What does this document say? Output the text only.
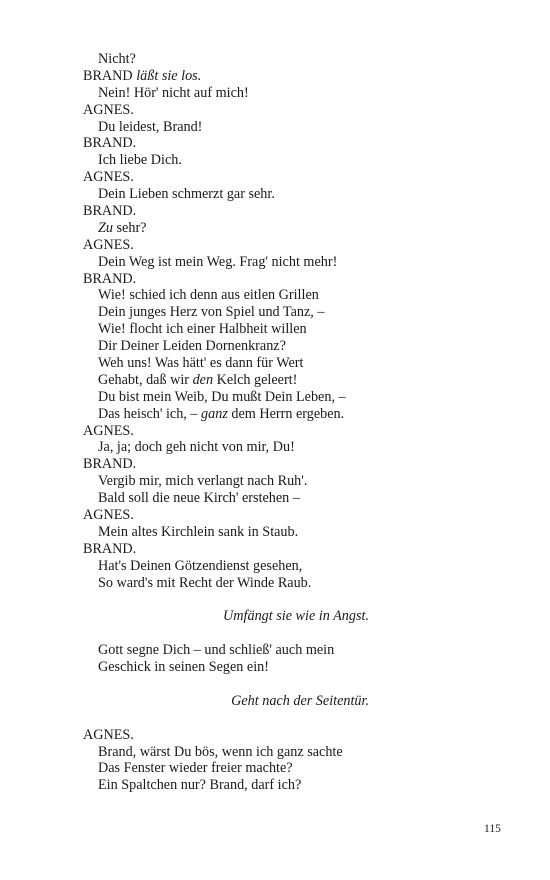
Nicht?
BRAND läßt sie los.
Nein! Hör' nicht auf mich!
AGNES.
Du leidest, Brand!
BRAND.
Ich liebe Dich.
AGNES.
Dein Lieben schmerzt gar sehr.
BRAND.
Zu sehr?
AGNES.
Dein Weg ist mein Weg. Frag' nicht mehr!
BRAND.
Wie! schied ich denn aus eitlen Grillen
Dein junges Herz von Spiel und Tanz, –
Wie! flocht ich einer Halbheit willen
Dir Deiner Leiden Dornenkranz?
Weh uns! Was hätt' es dann für Wert
Gehabt, daß wir den Kelch geleert!
Du bist mein Weib, Du mußt Dein Leben, –
Das heisch' ich, – ganz dem Herrn ergeben.
AGNES.
Ja, ja; doch geh nicht von mir, Du!
BRAND.
Vergib mir, mich verlangt nach Ruh'.
Bald soll die neue Kirch' erstehen –
AGNES.
Mein altes Kirchlein sank in Staub.
BRAND.
Hat's Deinen Götzendienst gesehen,
So ward's mit Recht der Winde Raub.
Umfängt sie wie in Angst.
Gott segne Dich – und schließ' auch mein
Geschick in seinen Segen ein!
Geht nach der Seitentür.
AGNES.
Brand, wärst Du bös, wenn ich ganz sachte
Das Fenster wieder freier machte?
Ein Spaltchen nur? Brand, darf ich?
115
